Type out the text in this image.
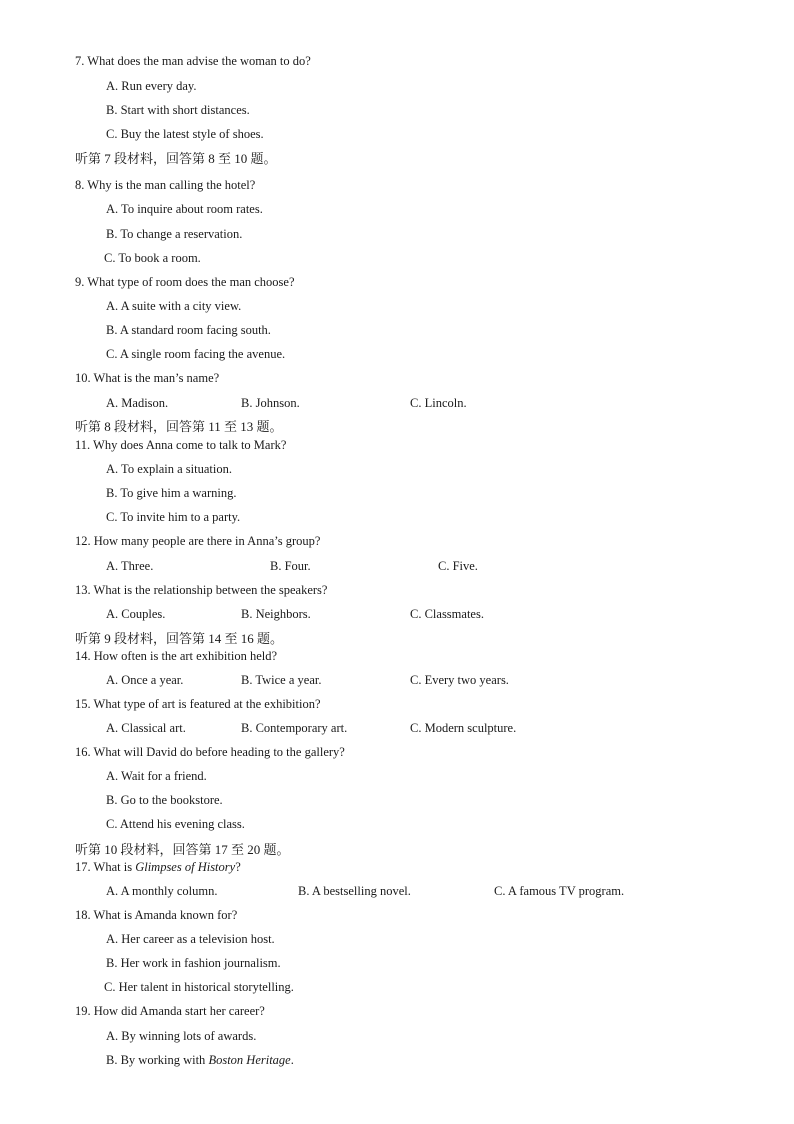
7. What does the man advise the woman to do?
A. Run every day.
B. Start with short distances.
C. Buy the latest style of shoes.
听第 7 段材料，回答第 8 至 10 题。
8. Why is the man calling the hotel?
A. To inquire about room rates.
B. To change a reservation.
C. To book a room.
9. What type of room does the man choose?
A. A suite with a city view.
B. A standard room facing south.
C. A single room facing the avenue.
10. What is the man’s name?
A. Madison.	B. Johnson.	C. Lincoln.
听第 8 段材料，回答第 11 至 13 题。
11. Why does Anna come to talk to Mark?
A. To explain a situation.
B. To give him a warning.
C. To invite him to a party.
12. How many people are there in Anna’s group?
A. Three.	B. Four.	C. Five.
13. What is the relationship between the speakers?
A. Couples.	B. Neighbors.	C. Classmates.
听第 9 段材料，回答第 14 至 16 题。
14. How often is the art exhibition held?
A. Once a year.	B. Twice a year.	C. Every two years.
15. What type of art is featured at the exhibition?
A. Classical art.	B. Contemporary art.	C. Modern sculpture.
16. What will David do before heading to the gallery?
A. Wait for a friend.
B. Go to the bookstore.
C. Attend his evening class.
听第 10 段材料，回答第 17 至 20 题。
17. What is Glimpses of History?
A. A monthly column.	B. A bestselling novel.	C. A famous TV program.
18. What is Amanda known for?
A. Her career as a television host.
B. Her work in fashion journalism.
C. Her talent in historical storytelling.
19. How did Amanda start her career?
A. By winning lots of awards.
B. By working with Boston Heritage.
